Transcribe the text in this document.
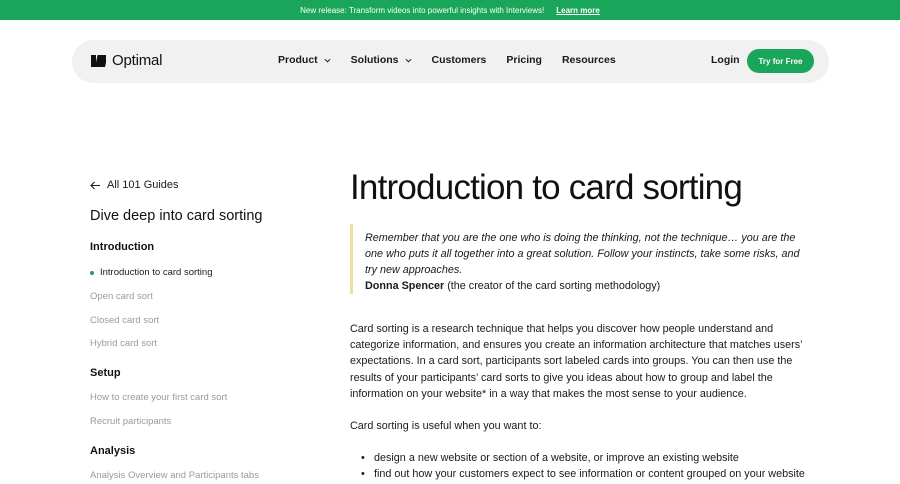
New release: Transform videos into powerful insights with Interviews! Learn more
Optimal	Product	Solutions	Customers Pricing Resources	Login	Try for Free
All 101 Guides
Dive deep into card sorting
Introduction
Introduction to card sorting
Open card sort
Closed card sort
Hybrid card sort
Setup
How to create your first card sort
Recruit participants
Analysis
Analysis Overview and Participants tabs
Introduction to card sorting

Remember that you are the one who is doing the thinking, not the technique… you are the one who puts it all together into a great solution. Follow your instincts, take some risks, and try new approaches.

Donna Spencer (the creator of the card sorting methodology)

Card sorting is a research technique that helps you discover how people understand and categorize information, and ensures you create an information architecture that matches users’ expectations. In a card sort, participants sort labeled cards into groups. You can then use the results of your participants’ card sorts to give you ideas about how to group and label the information on your website* in a way that makes the most sense to your audience.

Card sorting is useful when you want to:

• design a new website or section of a website, or improve an existing website
• find out how your customers expect to see information or content grouped on your website
